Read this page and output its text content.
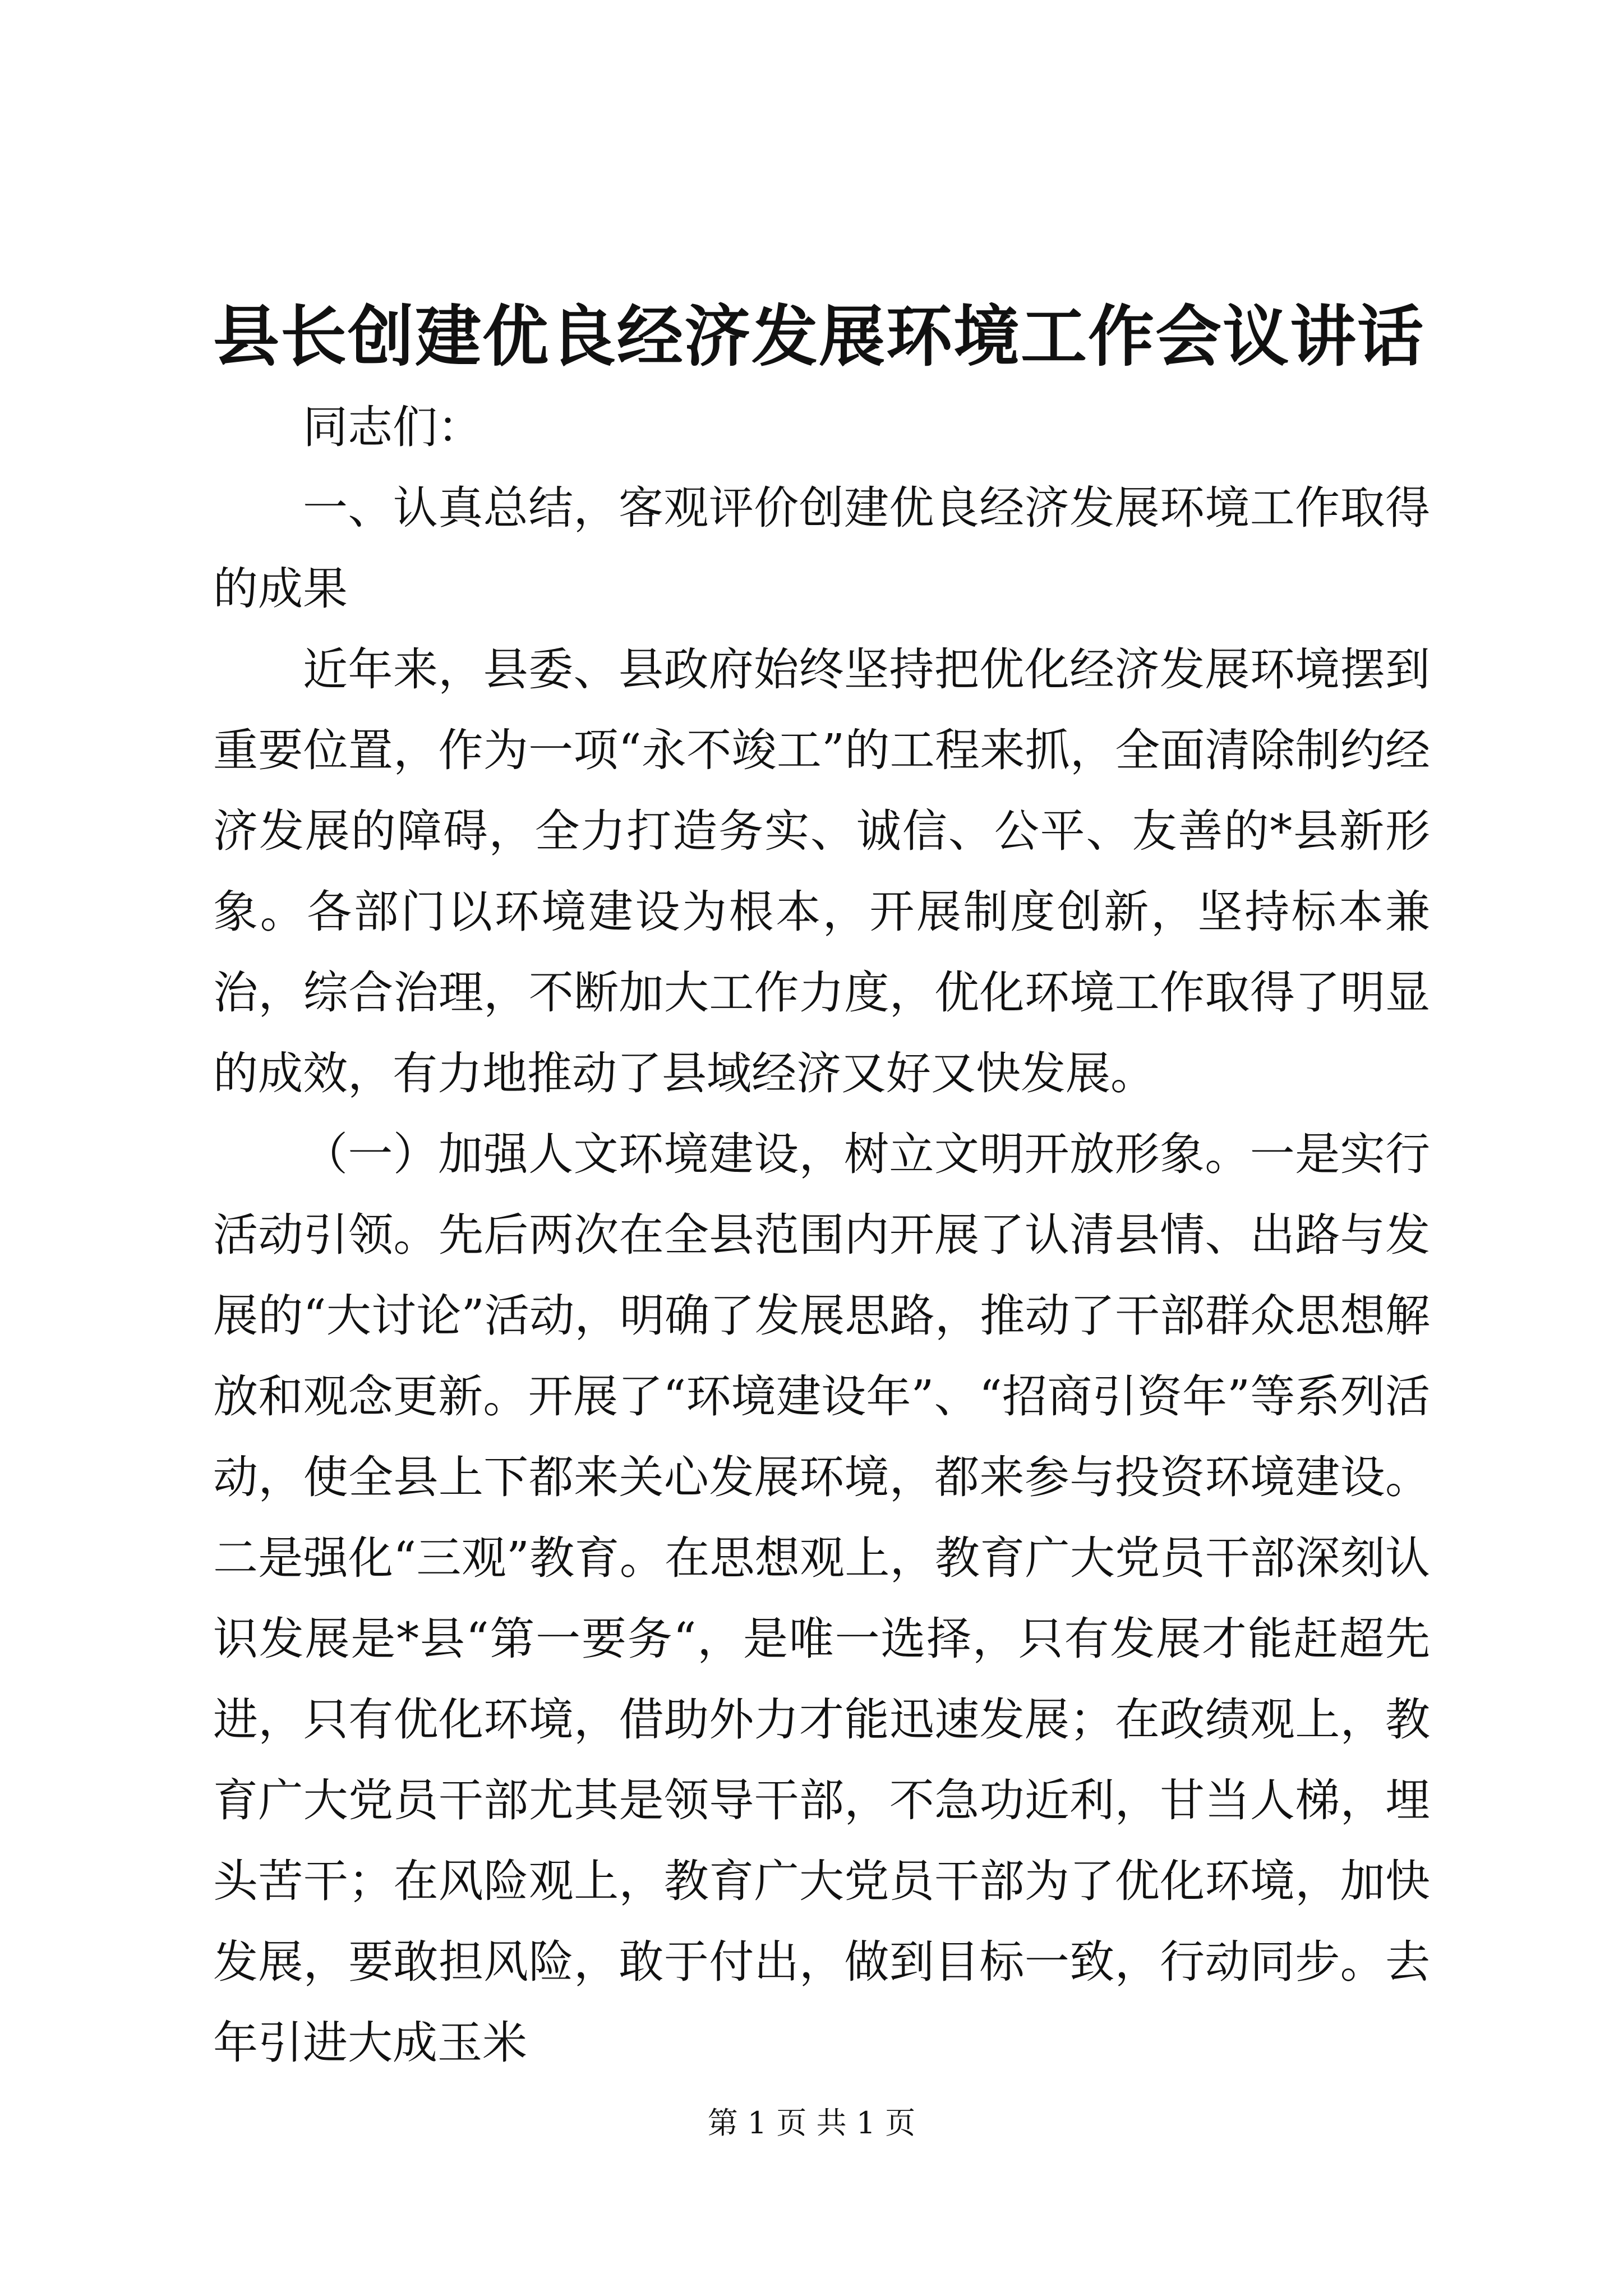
县长创建优良经济发展环境工作会议讲话

同志们：

一、认真总结，客观评价创建优良经济发展环境工作取得的成果

近年来，县委、县政府始终坚持把优化经济发展环境摆到重要位置，作为一项“永不竣工”的工程来抓，全面清除制约经济发展的障碍，全力打造务实、诚信、公平、友善的*县新形象。各部门以环境建设为根本，开展制度创新，坚持标本兼治，综合治理，不断加大工作力度，优化环境工作取得了明显的成效，有力地推动了县域经济又好又快发展。

（一）加强人文环境建设，树立文明开放形象。一是实行活动引领。先后两次在全县范围内开展了认清县情、出路与发展的“大讨论”活动，明确了发展思路，推动了干部群众思想解放和观念更新。开展了“环境建设年”、“招商引资年”等系列活动，使全县上下都来关心发展环境，都来参与投资环境建设。二是强化“三观”教育。在思想观上，教育广大党员干部深刻认识发展是*县“第一要务“，是唯一选择，只有发展才能赶超先进，只有优化环境，借助外力才能迅速发展；在政绩观上，教育广大党员干部尤其是领导干部，不急功近利，甘当人梯，埋头苦干；在风险观上，教育广大党员干部为了优化环境，加快发展，要敢担风险，敢于付出，做到目标一致，行动同步。去年引进大成玉米

第 1 页 共 1 页
